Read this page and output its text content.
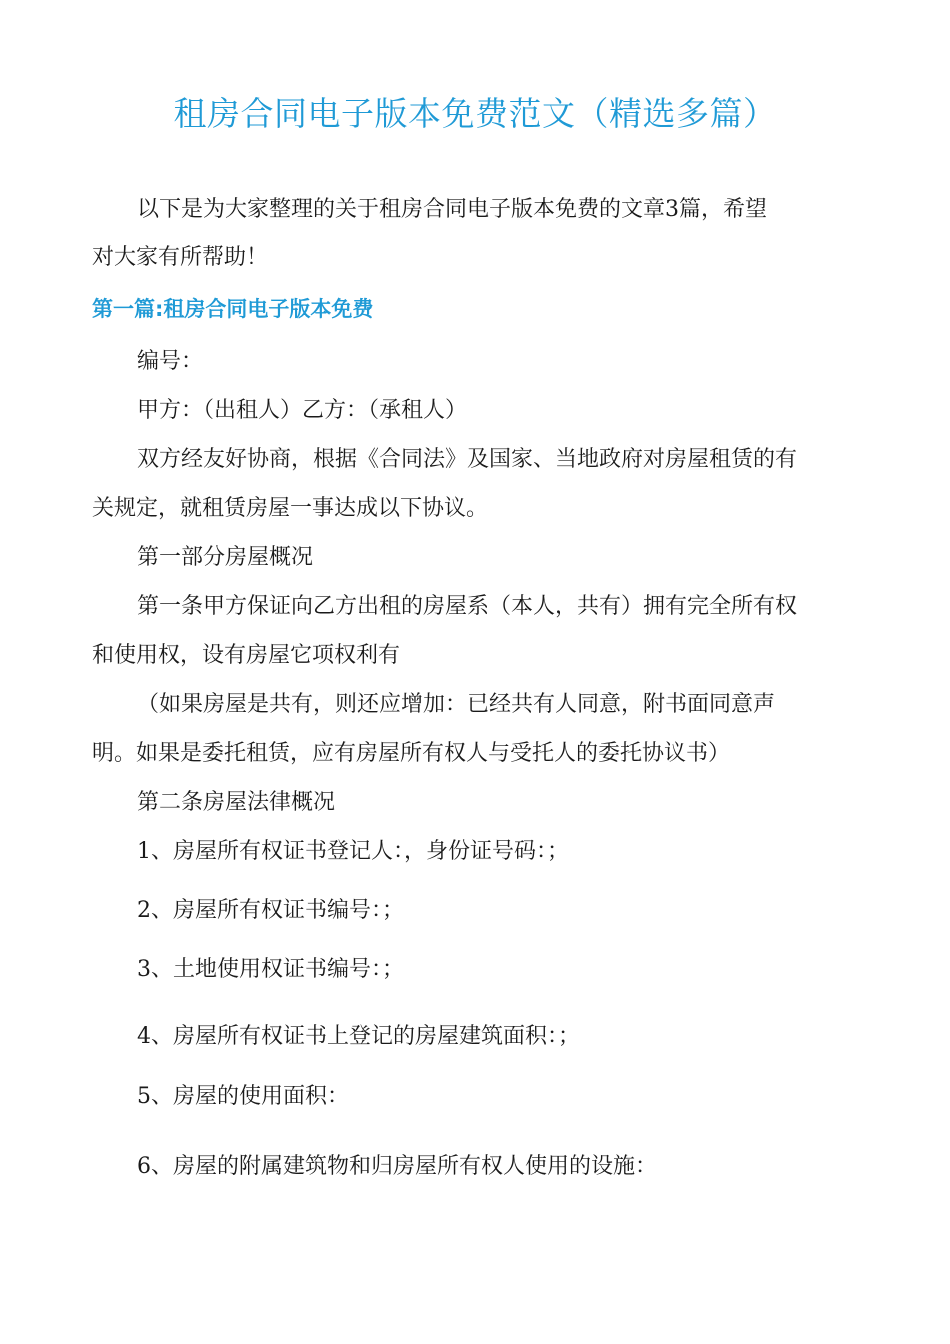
租房合同电子版本免费范文（精选多篇）
以下是为大家整理的关于租房合同电子版本免费的文章3篇，希望
对大家有所帮助！
第一篇:租房合同电子版本免费
编号：
甲方：（出租人）乙方：（承租人）
双方经友好协商，根据《合同法》及国家、当地政府对房屋租赁的有
关规定，就租赁房屋一事达成以下协议。
第一部分房屋概况
第一条甲方保证向乙方出租的房屋系（本人，共有）拥有完全所有权
和使用权，设有房屋它项权利有
（如果房屋是共有，则还应增加：已经共有人同意，附书面同意声
明。如果是委托租赁，应有房屋所有权人与受托人的委托协议书）
第二条房屋法律概况
1、房屋所有权证书登记人：，身份证号码：；
2、房屋所有权证书编号：；
3、土地使用权证书编号：；
4、房屋所有权证书上登记的房屋建筑面积：；
5、房屋的使用面积：
6、房屋的附属建筑物和归房屋所有权人使用的设施：
